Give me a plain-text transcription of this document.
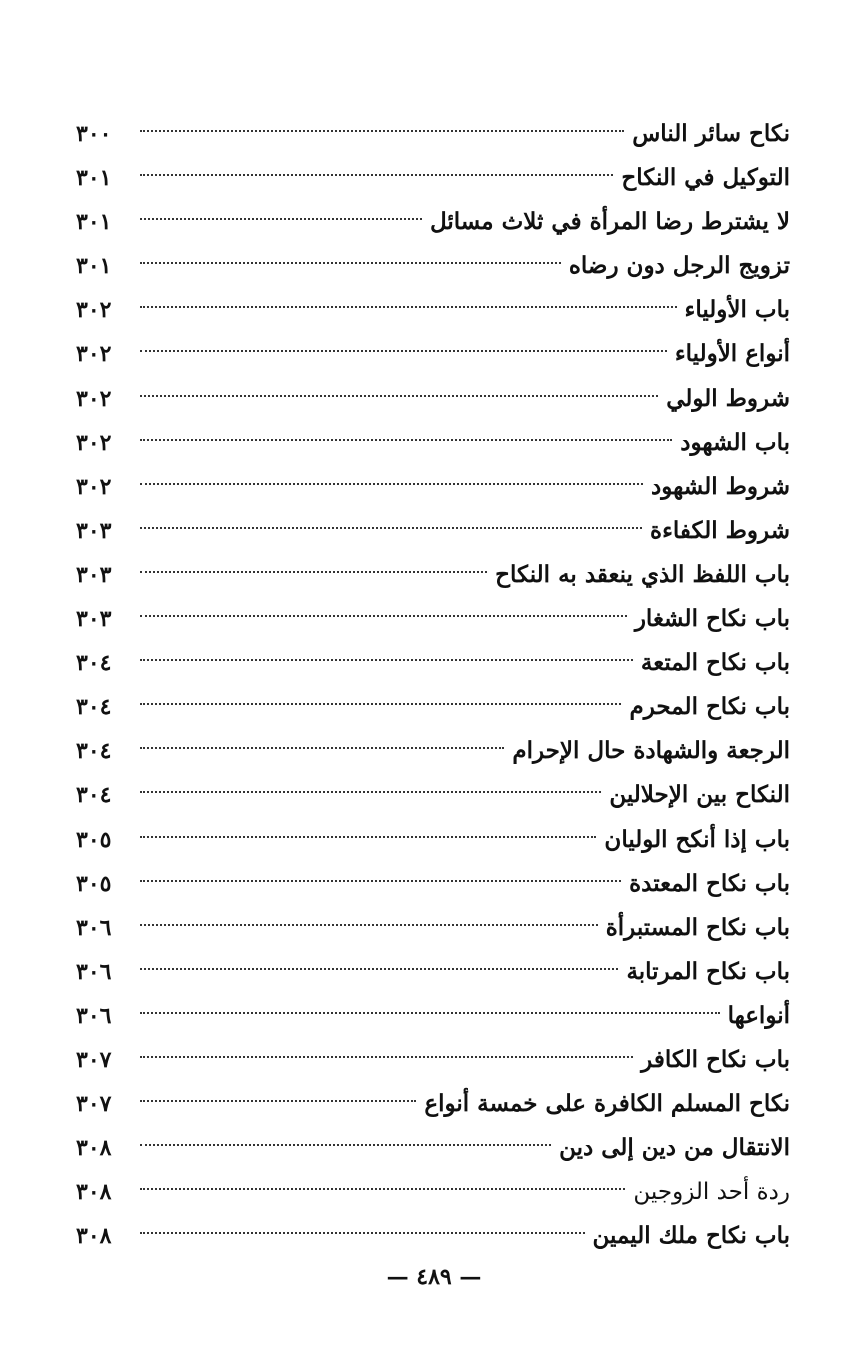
نكاح سائر الناس
٣٠٠
التوكيل في النكاح
٣٠١
لا يشترط رضا المرأة في ثلاث مسائل
٣٠١
تزويج الرجل دون رضاه
٣٠١
باب الأولياء
٣٠٢
أنواع الأولياء
٣٠٢
شروط الولي
٣٠٢
باب الشهود
٣٠٢
شروط الشهود
٣٠٢
شروط الكفاءة
٣٠٣
باب اللفظ الذي ينعقد به النكاح
٣٠٣
باب نكاح الشغار
٣٠٣
باب نكاح المتعة
٣٠٤
باب نكاح المحرم
٣٠٤
الرجعة والشهادة حال الإحرام
٣٠٤
النكاح بين الإحلالين
٣٠٤
باب إذا أنكح الوليان
٣٠٥
باب نكاح المعتدة
٣٠٥
باب نكاح المستبرأة
٣٠٦
باب نكاح المرتابة
٣٠٦
أنواعها
٣٠٦
باب نكاح الكافر
٣٠٧
نكاح المسلم الكافرة على خمسة أنواع
٣٠٧
الانتقال من دين إلى دين
٣٠٨
ردة أحد الزوجين
٣٠٨
باب نكاح ملك اليمين
٣٠٨
— ٤٨٩ —
